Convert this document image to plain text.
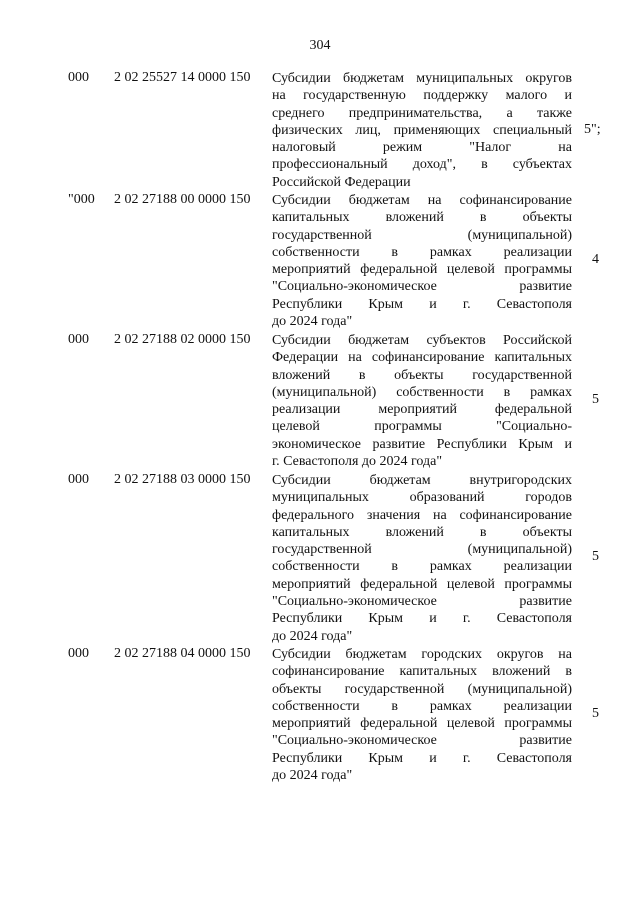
304
000 2 02 25527 14 0000 150 Субсидии бюджетам муниципальных округов
на государственную поддержку малого и
среднего предпринимательства, а также
физических лиц, применяющих специальный
налоговый режим "Налог на
профессиональный доход", в субъектах
Российской Федерации
5";
"000 2 02 27188 00 0000 150 Субсидии бюджетам на софинансирование
капитальных вложений в объекты
государственной (муниципальной)
собственности в рамках реализации
мероприятий федеральной целевой программы
"Социально-экономическое развитие
Республики Крым и г. Севастополя
до 2024 года"
4
000 2 02 27188 02 0000 150 Субсидии бюджетам субъектов Российской
Федерации на софинансирование капитальных
вложений в объекты государственной
(муниципальной) собственности в рамках
реализации мероприятий федеральной
целевой программы "Социально-
экономическое развитие Республики Крым и
г. Севастополя до 2024 года"
5
000 2 02 27188 03 0000 150 Субсидии бюджетам внутригородских
муниципальных образований городов
федерального значения на софинансирование
капитальных вложений в объекты
государственной (муниципальной)
собственности в рамках реализации
мероприятий федеральной целевой программы
"Социально-экономическое развитие
Республики Крым и г. Севастополя
до 2024 года"
5
000 2 02 27188 04 0000 150 Субсидии бюджетам городских округов на
софинансирование капитальных вложений в
объекты государственной (муниципальной)
собственности в рамках реализации
мероприятий федеральной целевой программы
"Социально-экономическое развитие
Республики Крым и г. Севастополя
до 2024 года"
5
